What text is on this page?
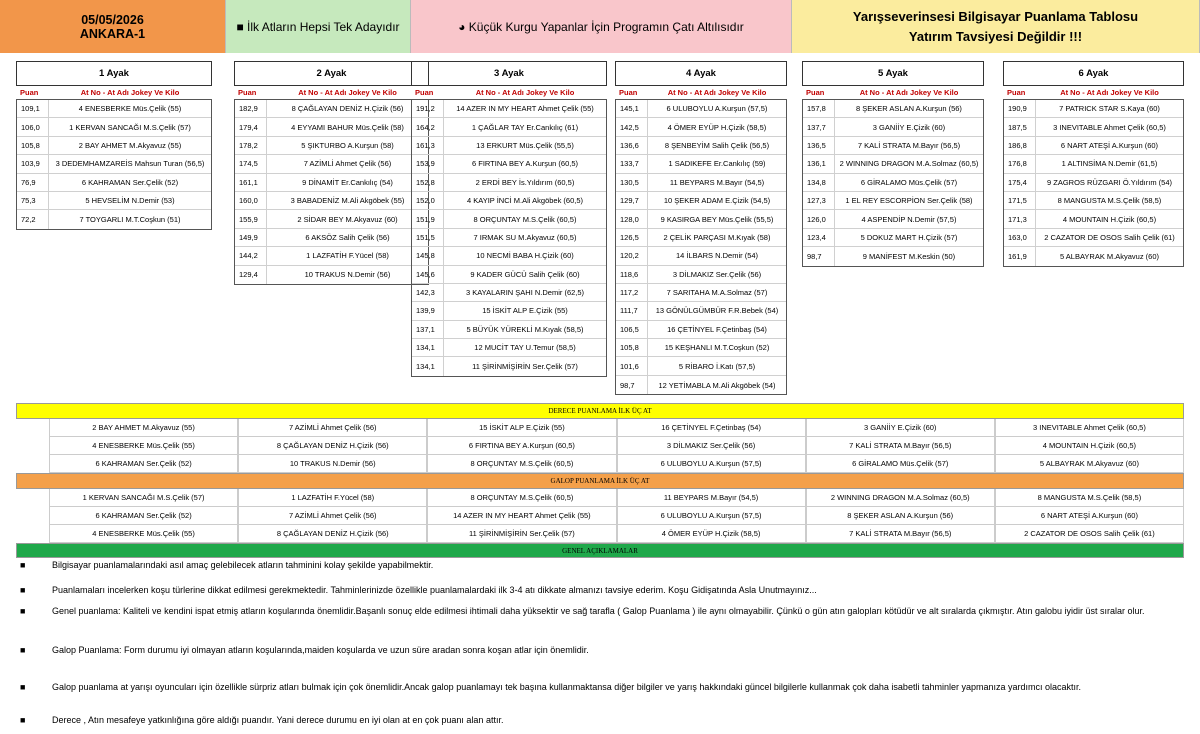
05/05/2026
ANKARA-1	■ İlk Atların Hepsi Tek Adayıdır	◕ Küçük Kurgu Yapanlar İçin Programın Çatı Altılısıdır
Yarışseverinsesi Bilgisayar Puanlama Tablosu
Yatırım Tavsiyesi Değildir !!!
1 Ayak
Puan	At No - At Adı Jokey Ve Kilo
109,1	4 ENESBERKE Müs.Çelik (55)
106,0	1 KERVAN SANCAĞI M.S.Çelik (57)
105,8	2 BAY AHMET M.Akyavuz (55)
103,9	3 DEDEMHAMZAREİS Mahsun Turan (56,5)
76,9	6 KAHRAMAN Ser.Çelik (52)
75,3	5 HEVSELİM N.Demir (53)
72,2	7 TOYGARLI M.T.Coşkun (51)
2 Ayak
Puan	At No - At Adı Jokey Ve Kilo
182,9	8 ÇAĞLAYAN DENİZ H.Çizik (56)
179,4	4 EYYAMI BAHUR Müs.Çelik (58)
178,2	5 ŞIKTURBO A.Kurşun (58)
174,5	7 AZİMLİ Ahmet Çelik (56)
161,1	9 DİNAMİT Er.Cankılıç (54)
160,0	3 BABADENİZ M.Ali Akgöbek (55)
155,9	2 SİDAR BEY M.Akyavuz (60)
149,9	6 AKSÖZ Salih Çelik (56)
144,2	1 LAZFATİH F.Yücel (58)
129,4	10 TRAKUS N.Demir (56)
3 Ayak
Puan	At No - At Adı Jokey Ve Kilo
191,2	14 AZER IN MY HEART Ahmet Çelik (55)
164,2	1 ÇAĞLAR TAY Er.Cankılıç (61)
161,3	13 ERKURT Müs.Çelik (55,5)
153,9	6 FIRTINA BEY A.Kurşun (60,5)
152,8	2 ERDİ BEY İs.Yıldırım (60,5)
152,0	4 KAYIP İNCİ M.Ali Akgöbek (60,5)
151,9	8 ORÇUNTAY M.S.Çelik (60,5)
151,5	7 IRMAK SU M.Akyavuz (60,5)
145,8	10 NECMİ BABA H.Çizik (60)
145,6	9 KADER GÜCÜ Salih Çelik (60)
142,3	3 KAYALARIN ŞAHI N.Demir (62,5)
139,9	15 İSKİT ALP E.Çizik (55)
137,1	5 BÜYÜK YÜREKLİ M.Kıyak (58,5)
134,1	12 MUCİT TAY U.Temur (58,5)
134,1	11 ŞİRİNMİŞİRİN Ser.Çelik (57)
4 Ayak
Puan	At No - At Adı Jokey Ve Kilo
145,1	6 ULUBOYLU A.Kurşun (57,5)
142,5	4 ÖMER EYÜP H.Çizik (58,5)
136,6	8 ŞENBEYİM Salih Çelik (56,5)
133,7	1 SADIKEFE Er.Cankılıç (59)
130,5	11 BEYPARS M.Bayır (54,5)
129,7	10 ŞEKER ADAM E.Çizik (54,5)
128,0	9 KASIRGA BEY Müs.Çelik (55,5)
126,5	2 ÇELİK PARÇASI M.Kıyak (58)
120,2	14 İLBARS N.Demir (54)
118,6	3 DİLMAKIZ Ser.Çelik (56)
117,2	7 SARITAHA M.A.Solmaz (57)
111,7	13 GÖNÜLGÜMBÜR F.R.Bebek (54)
106,5	16 ÇETİNYEL F.Çetinbaş (54)
105,8	15 KEŞHANLI M.T.Coşkun (52)
101,6	5 RİBARO İ.Katı (57,5)
98,7	12 YETİMABLA M.Ali Akgöbek (54)
5 Ayak
Puan	At No - At Adı Jokey Ve Kilo
157,8	8 ŞEKER ASLAN A.Kurşun (56)
137,7	3 GANİİY E.Çizik (60)
136,5	7 KALİ STRATA M.Bayır (56,5)
136,1	2 WINNING DRAGON M.A.Solmaz (60,5)
134,8	6 GİRALAMO Müs.Çelik (57)
127,3	1 EL REY ESCORPİON Ser.Çelik (58)
126,0	4 ASPENDİP N.Demir (57,5)
123,4	5 DOKUZ MART H.Çizik (57)
98,7	9 MANİFEST M.Keskin (50)
6 Ayak
Puan	At No - At Adı Jokey Ve Kilo
190,9	7 PATRICK STAR S.Kaya (60)
187,5	3 INEVITABLE Ahmet Çelik (60,5)
186,8	6 NART ATEŞİ A.Kurşun (60)
176,8	1 ALTINSİMA N.Demir (61,5)
175,4	9 ZAGROS RÜZGARI Ö.Yıldırım (54)
171,5	8 MANGUSTA M.S.Çelik (58,5)
171,3	4 MOUNTAIN H.Çizik (60,5)
163,0	2 CAZATOR DE OSOS Salih Çelik (61)
161,9	5 ALBAYRAK M.Akyavuz (60)
DERECE PUANLAMA İLK ÜÇ AT
2 BAY AHMET M.Akyavuz (55)	7 AZİMLİ Ahmet Çelik (56)	15 İSKİT ALP E.Çizik (55)	16 ÇETİNYEL F.Çetinbaş (54)	3 GANİİY E.Çizik (60)	3 INEVITABLE Ahmet Çelik (60,5)
4 ENESBERKE Müs.Çelik (55)	8 ÇAĞLAYAN DENİZ H.Çizik (56)	6 FIRTINA BEY A.Kurşun (60,5)	3 DİLMAKIZ Ser.Çelik (56)	7 KALİ STRATA M.Bayır (56,5)	4 MOUNTAIN H.Çizik (60,5)
6 KAHRAMAN Ser.Çelik (52)	10 TRAKUS N.Demir (56)	8 ORÇUNTAY M.S.Çelik (60,5)	6 ULUBOYLU A.Kurşun (57,5)	6 GİRALAMO Müs.Çelik (57)	5 ALBAYRAK M.Akyavuz (60)
GALOP PUANLAMA İLK ÜÇ AT
1 KERVAN SANCAĞI M.S.Çelik (57)	1 LAZFATİH F.Yücel (58)	8 ORÇUNTAY M.S.Çelik (60,5)	11 BEYPARS M.Bayır (54,5)	2 WINNING DRAGON M.A.Solmaz (60,5)	8 MANGUSTA M.S.Çelik (58,5)
6 KAHRAMAN Ser.Çelik (52)	7 AZİMLİ Ahmet Çelik (56)	14 AZER IN MY HEART Ahmet Çelik (55)	6 ULUBOYLU A.Kurşun (57,5)	8 ŞEKER ASLAN A.Kurşun (56)	6 NART ATEŞİ A.Kurşun (60)
4 ENESBERKE Müs.Çelik (55)	8 ÇAĞLAYAN DENİZ H.Çizik (56)	11 ŞİRİNMİŞİRİN Ser.Çelik (57)	4 ÖMER EYÜP H.Çizik (58,5)	7 KALİ STRATA M.Bayır (56,5)	2 CAZATOR DE OSOS Salih Çelik (61)
GENEL AÇIKLAMALAR
■	Bilgisayar puanlamalarındaki asıl amaç gelebilecek atların tahminini kolay şekilde yapabilmektir.
■	Puanlamaları incelerken koşu türlerine dikkat edilmesi gerekmektedir. Tahminlerinizde özellikle puanlamalardaki ilk 3-4 atı dikkate almanızı tavsiye ederim. Koşu Gidişatında Asla Unutmayınız...
■	Genel puanlama: Kaliteli ve kendini ispat etmiş atların koşularında önemlidir.Başanlı sonuç elde edilmesi ihtimali daha yüksektir ve sağ tarafla ( Galop Puanlama ) ile aynı olmayabilir. Çünkü o gün atın galopları kötüdür ve alt sıralarda çıkmıştır. Atın galobu iyidir üst sıralar olur.
■	Galop Puanlama: Form durumu iyi olmayan atların koşularında,maiden koşularda ve uzun süre aradan sonra koşan atlar için önemlidir.
■	Galop puanlama at yarışı oyuncuları için özellikle sürpriz atları bulmak için çok önemlidir.Ancak galop puanlamayı tek başına kullanmaktansa diğer bilgiler ve yarış hakkındaki güncel bilgilerle kullanmak çok daha isabetli tahminler yapmanıza yardımcı olacaktır.
■	Derece , Atın mesafeye yatkınlığına göre aldığı puandır. Yani derece durumu en iyi olan at en çok puanı alan attır.
